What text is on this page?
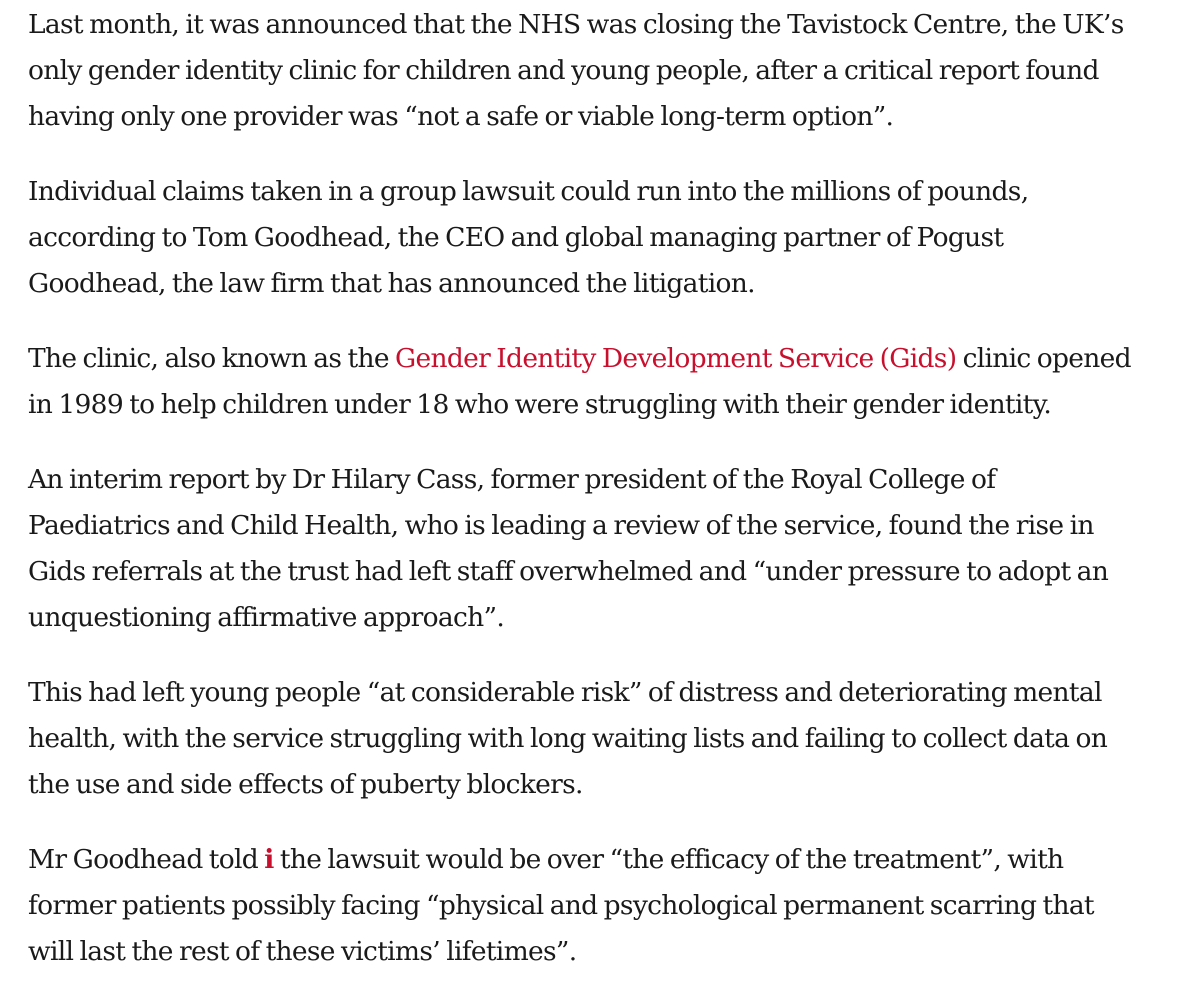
Last month, it was announced that the NHS was closing the Tavistock Centre, the UK’s
only gender identity clinic for children and young people, after a critical report found
having only one provider was “not a safe or viable long-term option”.

Individual claims taken in a group lawsuit could run into the millions of pounds,
according to Tom Goodhead, the CEO and global managing partner of Pogust
Goodhead, the law firm that has announced the litigation.

The clinic, also known as the Gender Identity Development Service (Gids) clinic opened
in 1989 to help children under 18 who were struggling with their gender identity.

An interim report by Dr Hilary Cass, former president of the Royal College of
Paediatrics and Child Health, who is leading a review of the service, found the rise in
Gids referrals at the trust had left staff overwhelmed and “under pressure to adopt an
unquestioning affirmative approach”.

This had left young people “at considerable risk” of distress and deteriorating mental
health, with the service struggling with long waiting lists and failing to collect data on
the use and side effects of puberty blockers.

Mr Goodhead told i the lawsuit would be over “the efficacy of the treatment”, with
former patients possibly facing “physical and psychological permanent scarring that
will last the rest of these victims’ lifetimes”.
